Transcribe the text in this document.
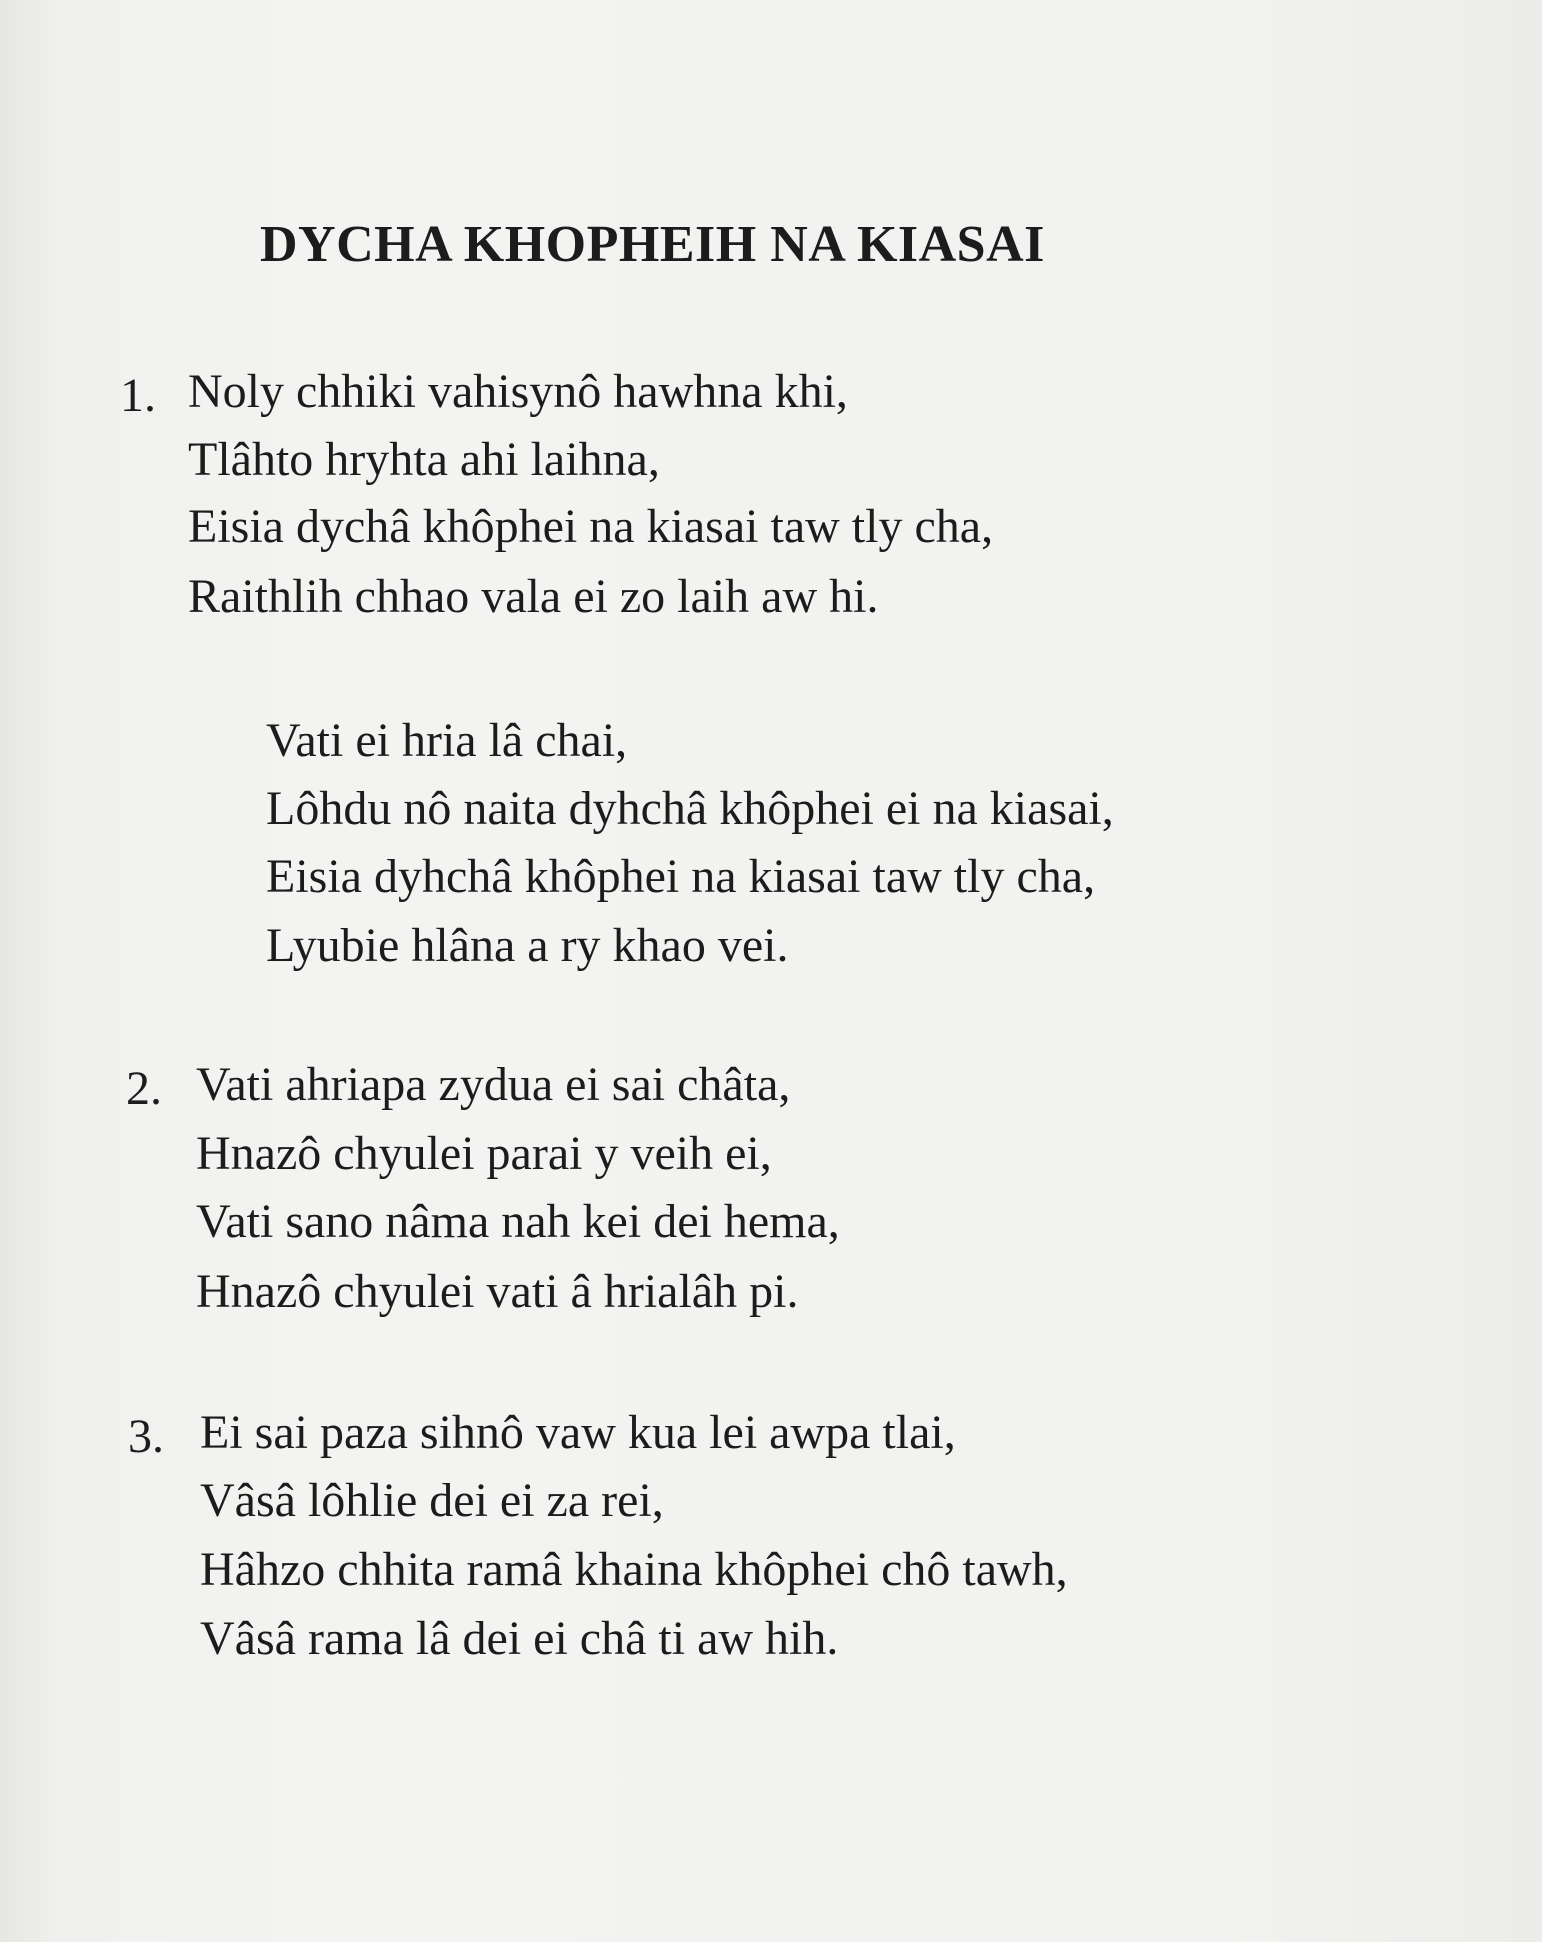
DYCHA KHOPHEIH NA KIASAI
1. Noly chhiki vahisynô hawhna khi,
Tlâhto hryhta ahi laihna,
Eisia dychâ khôphei na kiasai taw tly cha,
Raithlih chhao vala ei zo laih aw hi.
Vati ei hria lâ chai,
Lôhdu nô naita dyhchâ khôphei ei na kiasai,
Eisia dyhchâ khôphei na kiasai taw tly cha,
Lyubie hlâna a ry khao vei.
2. Vati ahriapa zydua ei sai châta,
Hnazô chyulei parai y veih ei,
Vati sano nâma nah kei dei hema,
Hnazô chyulei vati â hrialâh pi.
3. Ei sai paza sihnô vaw kua lei awpa tlai,
Vâsâ lôhlie dei ei za rei,
Hâhzo chhita ramâ khaina khôphei chô tawh,
Vâsâ rama lâ dei ei châ ti aw hih.
